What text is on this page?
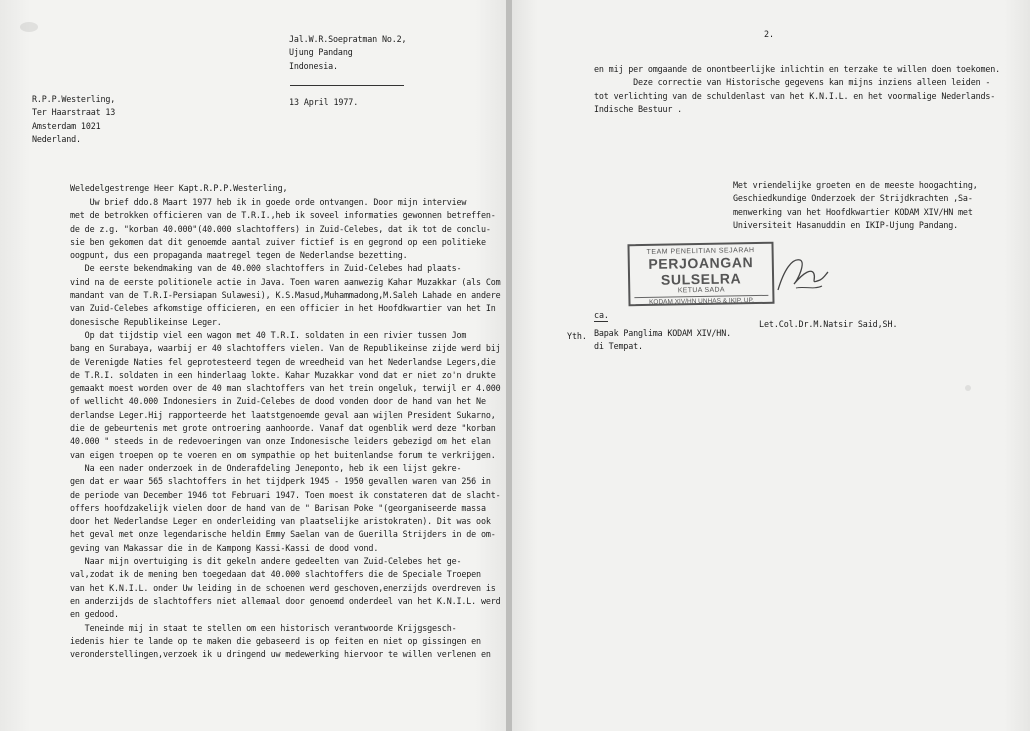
Jal.W.R.Soepratman No.2,
Ujung Pandang
Indonesia.
R.P.P.Westerling,
Ter Haarstraat 13
Amsterdam 1021
Nederland.
13 April 1977.
Weledelgestrenge Heer Kapt.R.P.P.Westerling,
Uw brief ddo.8 Maart 1977 heb ik in goede orde ontvangen. Door mijn interview
met de betrokken officieren van de T.R.I.,heb ik soveel informaties gewonnen betreffen-
de de z.g. "korban 40.000"(40.000 slachtoffers) in Zuid-Celebes, dat ik tot de conclu-
sie ben gekomen dat dit genoemde aantal zuiver fictief is en gegrond op een politieke
oogpunt, dus een propaganda maatregel tegen de Nederlandse bezetting.
De eerste bekendmaking van de 40.000 slachtoffers in Zuid-Celebes had plaats-
vind na de eerste politionele actie in Java. Toen waren aanwezig Kahar Muzakkar (als Com
mandant van de T.R.I-Persiapan Sulawesi), K.S.Masud,Muhammadong,M.Saleh Lahade en andere
van Zuid-Celebes afkomstige officieren, en een officier in het Hoofdkwartier van het In
donesische Republikeinse Leger.
Op dat tijdstip viel een wagon met 40 T.R.I. soldaten in een rivier tussen Jom
bang en Surabaya, waarbij er 40 slachtoffers vielen. Van de Republikeinse zijde werd bij
de Verenigde Naties fel geprotesteerd tegen de wreedheid van het Nederlandse Legers,die
de T.R.I. soldaten in een hinderlaag lokte. Kahar Muzakkar vond dat er niet zo'n drukte
gemaakt moest worden over de 40 man slachtoffers van het trein ongeluk, terwijl er 4.000
of wellicht 40.000 Indonesiers in Zuid-Celebes de dood vonden door de hand van het Ne
derlandse Leger.Hij rapporteerde het laatstgenoemde geval aan wijlen President Sukarno,
die de gebeurtenis met grote ontroering aanhoorde. Vanaf dat ogenblik werd deze "korban
40.000 " steeds in de redevoeringen van onze Indonesische leiders gebezigd om het elan
van eigen troepen op te voeren en om sympathie op het buitenlandse forum te verkrijgen.
Na een nader onderzoek in de Onderafdeling Jeneponto, heb ik een lijst gekre-
gen dat er waar 565 slachtoffers in het tijdperk 1945 - 1950 gevallen waren van 256 in
de periode van December 1946 tot Februari 1947. Toen moest ik constateren dat de slacht-
offers hoofdzakelijk vielen door de hand van de " Barisan Poke "(georganiseerde massa
door het Nederlandse Leger en onderleiding van plaatselijke aristokraten). Dit was ook
het geval met onze legendarische heldin Emmy Saelan van de Guerilla Strijders in de om-
geving van Makassar die in de Kampong Kassi-Kassi de dood vond.
Naar mijn overtuiging is dit gekeln andere gedeelten van Zuid-Celebes het ge-
val,zodat ik de mening ben toegedaan dat 40.000 slachtoffers die de Speciale Troepen
van het K.N.I.L. onder Uw leiding in de schoenen werd geschoven,enerzijds overdreven is
en anderzijds de slachtoffers niet allemaal door genoemd onderdeel van het K.N.I.L. werd
en gedood.
Teneinde mij in staat te stellen om een historisch verantwoorde Krijgsgesch-
iedenis hier te lande op te maken die gebaseerd is op feiten en niet op gissingen en
veronderstellingen,verzoek ik u dringend uw medewerking hiervoor te willen verlenen en
2.
en mij per omgaande de onontbeerlijke inlichtin en terzake te willen doen toekomen.
Deze correctie van Historische gegevens kan mijns inziens alleen leiden -
tot verlichting van de schuldenlast van het K.N.I.L. en het voormalige Nederlands-
Indische Bestuur .
Met vriendelijke groeten en de meeste hoogachting,
Geschiedkundige Onderzoek der Strijdkrachten ,Sa-
menwerking van het Hoofdkwartier KODAM XIV/HN met
Universiteit Hasanuddin en IKIP-Ujung Pandang.
TEAM PENELITIAN SEJARAH
PERJOANGAN SULSELRA
KETUA SADA
KODAM XIV/HN UNHAS & IKIP. UP.
ca.
Let.Col.Dr.M.Natsir Said,SH.
Yth. Bapak Panglima KODAM XIV/HN.
di Tempat.
